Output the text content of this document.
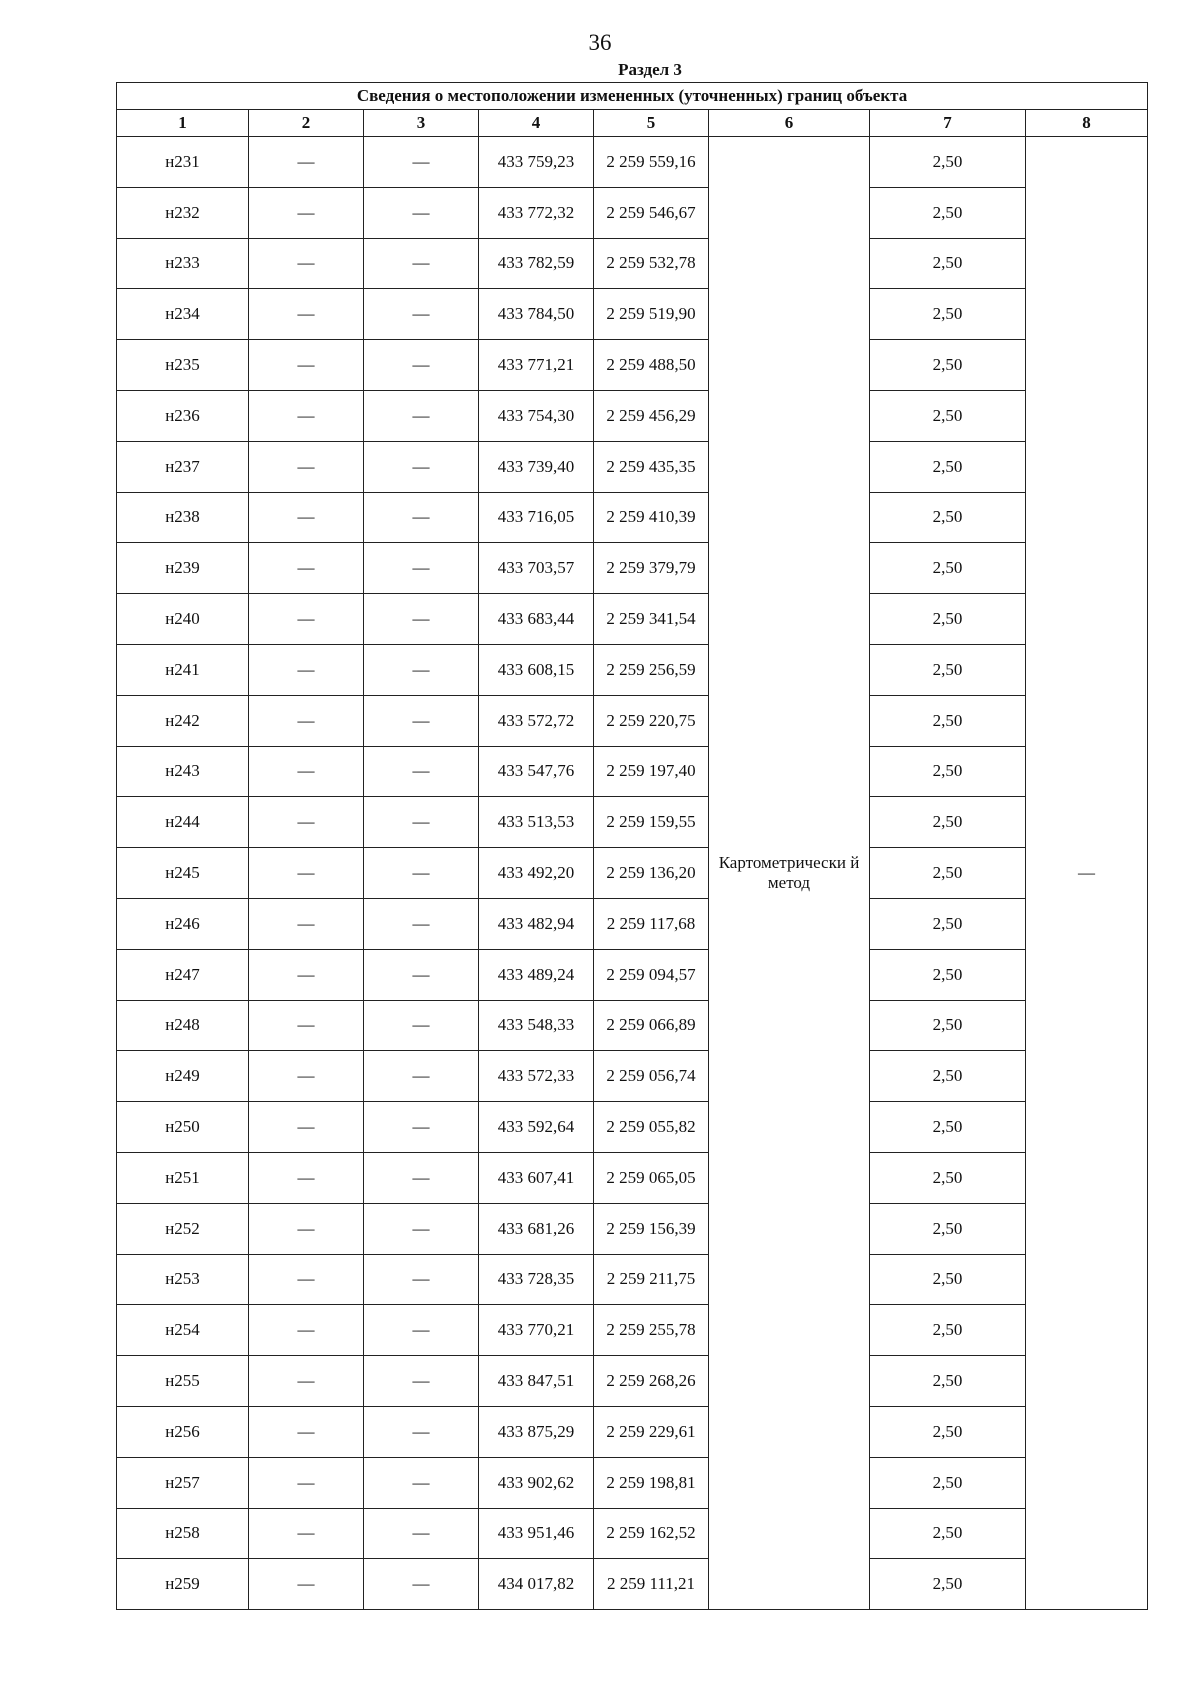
36
Раздел 3
Сведения о местоположении измененных (уточненных) границ объекта							
1	2	3	4	5	6	7	8
н231	—	—	433 759,23	2 259 559,16	Картометрически й метод	2,50	—
н232	—	—	433 772,32	2 259 546,67		2,50	
н233	—	—	433 782,59	2 259 532,78		2,50	
н234	—	—	433 784,50	2 259 519,90		2,50	
н235	—	—	433 771,21	2 259 488,50		2,50	
н236	—	—	433 754,30	2 259 456,29		2,50	
н237	—	—	433 739,40	2 259 435,35		2,50	
н238	—	—	433 716,05	2 259 410,39		2,50	
н239	—	—	433 703,57	2 259 379,79		2,50	
н240	—	—	433 683,44	2 259 341,54		2,50	
н241	—	—	433 608,15	2 259 256,59		2,50	
н242	—	—	433 572,72	2 259 220,75		2,50	
н243	—	—	433 547,76	2 259 197,40		2,50	
н244	—	—	433 513,53	2 259 159,55		2,50	
н245	—	—	433 492,20	2 259 136,20		2,50	
н246	—	—	433 482,94	2 259 117,68		2,50	
н247	—	—	433 489,24	2 259 094,57		2,50	
н248	—	—	433 548,33	2 259 066,89		2,50	
н249	—	—	433 572,33	2 259 056,74		2,50	
н250	—	—	433 592,64	2 259 055,82		2,50	
н251	—	—	433 607,41	2 259 065,05		2,50	
н252	—	—	433 681,26	2 259 156,39		2,50	
н253	—	—	433 728,35	2 259 211,75		2,50	
н254	—	—	433 770,21	2 259 255,78		2,50	
н255	—	—	433 847,51	2 259 268,26		2,50	
н256	—	—	433 875,29	2 259 229,61		2,50	
н257	—	—	433 902,62	2 259 198,81		2,50	
н258	—	—	433 951,46	2 259 162,52		2,50	
н259	—	—	434 017,82	2 259 111,21		2,50	
